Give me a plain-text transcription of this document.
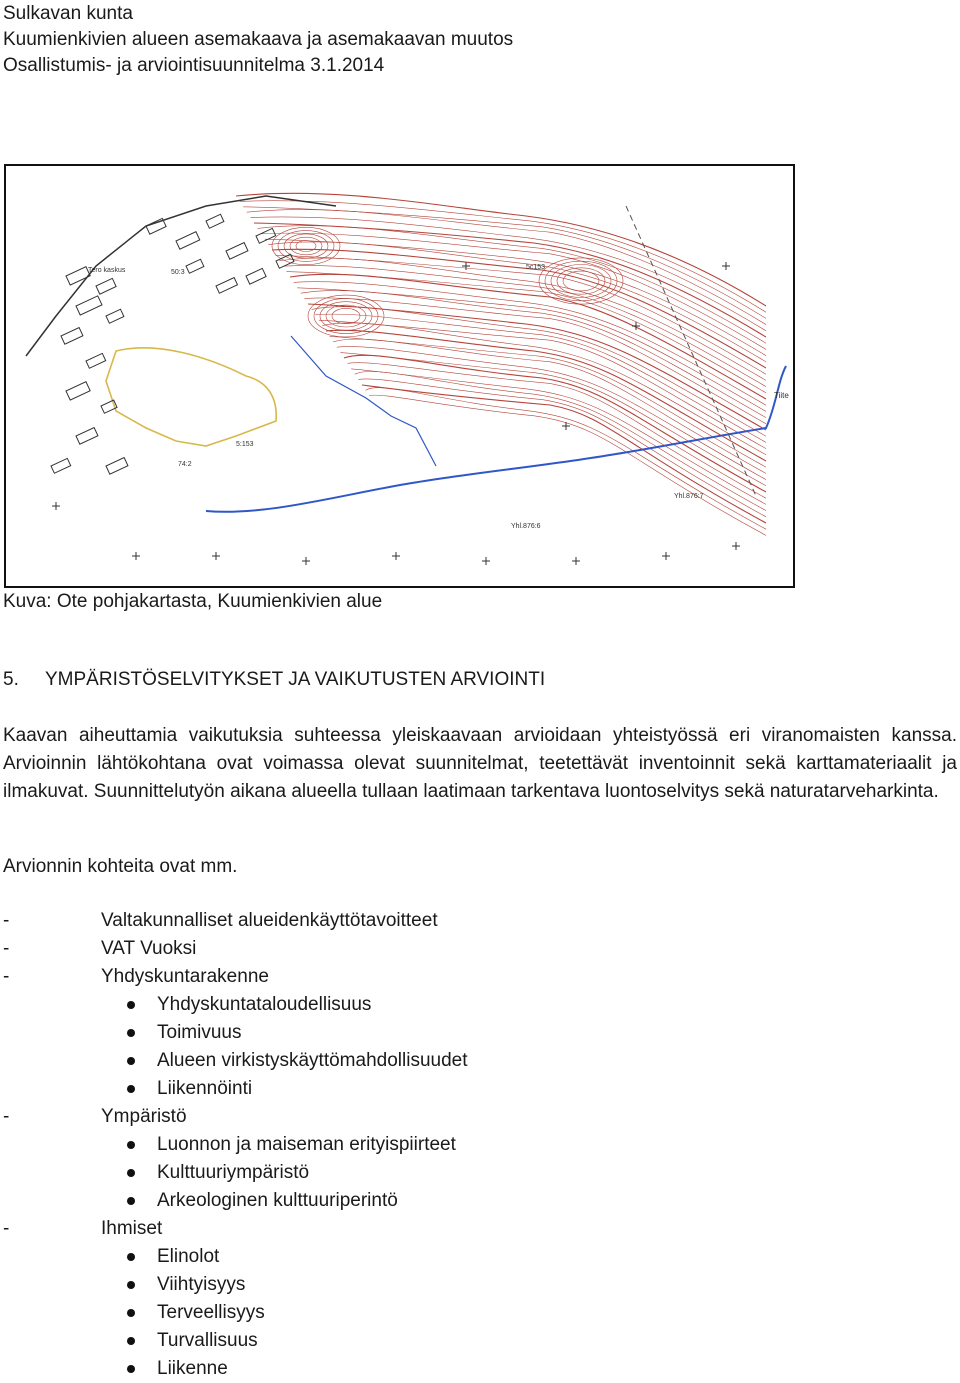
Sulkavan kunta
Kuumienkivien alueen asemakaava ja asemakaavan muutos
Osallistumis- ja arviointisuunnitelma 3.1.2014
Tiite
Yhl.876:7
Yhl.876:6
5:153
5c153
50:3
Tero kaskus
74:2
Kuva: Ote pohjakartasta, Kuumienkivien alue
5. YMPÄRISTÖSELVITYKSET JA VAIKUTUSTEN ARVIOINTI
Kaavan aiheuttamia vaikutuksia suhteessa yleiskaavaan arvioidaan yhteistyössä eri viranomaisten kanssa. Arvioinnin lähtökohtana ovat voimassa olevat suunnitelmat, teetettävät inventoinnit sekä karttamateriaalit ja ilmakuvat. Suunnittelutyön aikana alueella tullaan laatimaan tarkentava luontoselvitys sekä naturatarveharkinta.
Arvionnin kohteita ovat mm.
-	Valtakunnalliset alueidenkäyttötavoitteet
-	VAT Vuoksi
-	Yhdyskuntarakenne
Yhdyskuntataloudellisuus
Toimivuus
Alueen virkistyskäyttömahdollisuudet
Liikennöinti
-	Ympäristö
Luonnon ja maiseman erityispiirteet
Kulttuuriympäristö
Arkeologinen kulttuuriperintö
-	Ihmiset
Elinolot
Viihtyisyys
Terveellisyys
Turvallisuus
Liikenne
